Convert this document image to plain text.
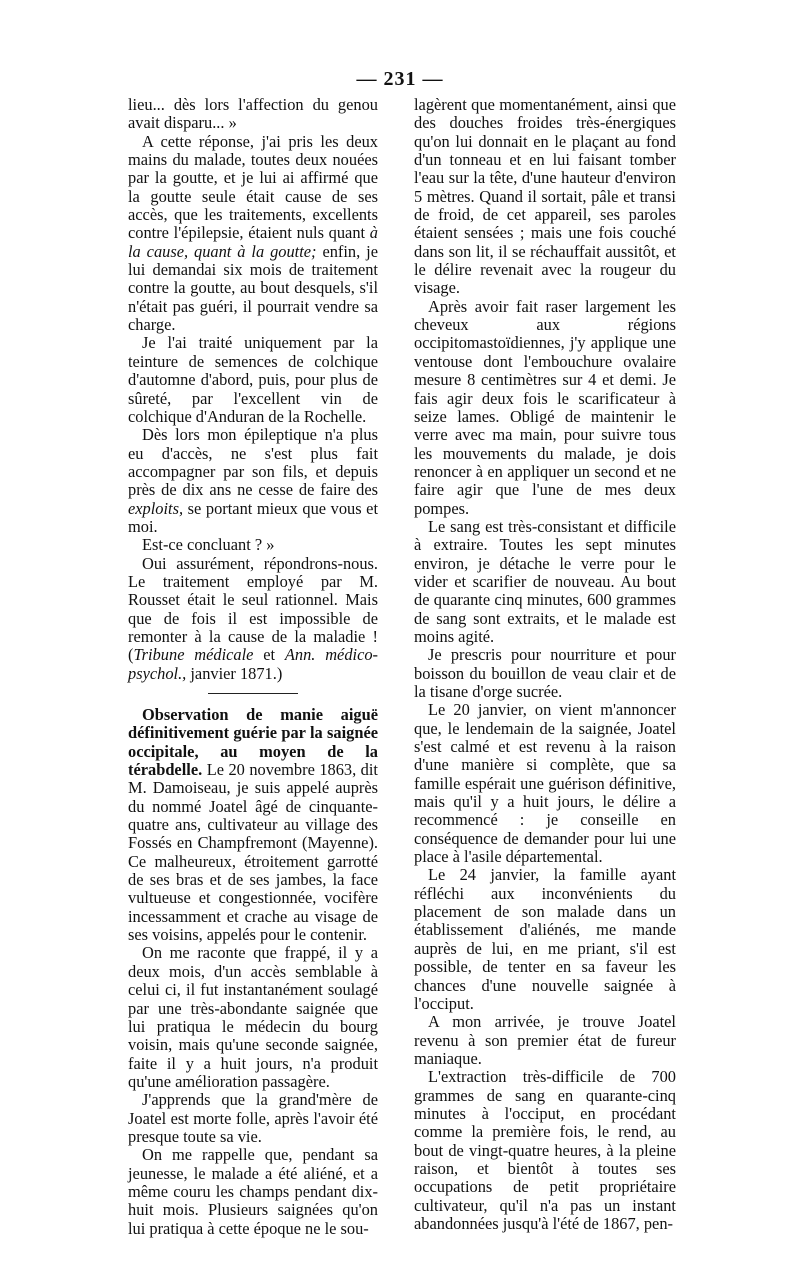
— 231 —

lieu... dès lors l'affection du genou avait disparu... »

A cette réponse, j'ai pris les deux mains du malade, toutes deux nouées par la goutte, et je lui ai affirmé que la goutte seule était cause de ses accès, que les traitements, excellents contre l'épilepsie, étaient nuls quant à la cause, quant à la goutte; enfin, je lui demandai six mois de traitement contre la goutte, au bout desquels, s'il n'était pas guéri, il pourrait vendre sa charge.

Je l'ai traité uniquement par la teinture de semences de colchique d'automne d'abord, puis, pour plus de sûreté, par l'excellent vin de colchique d'Anduran de la Rochelle.

Dès lors mon épileptique n'a plus eu d'accès, ne s'est plus fait accompagner par son fils, et depuis près de dix ans ne cesse de faire des exploits, se portant mieux que vous et moi.

Est-ce concluant ? »

Oui assurément, répondrons-nous. Le traitement employé par M. Rousset était le seul rationnel. Mais que de fois il est impossible de remonter à la cause de la maladie ! (Tribune médicale et Ann. médico-psychol., janvier 1871.)

Observation de manie aiguë définitivement guérie par la saignée occipitale, au moyen de la térabdelle. Le 20 novembre 1863, dit M. Damoiseau, je suis appelé auprès du nommé Joatel âgé de cinquante-quatre ans, cultivateur au village des Fossés en Champfremont (Mayenne). Ce malheureux, étroitement garrotté de ses bras et de ses jambes, la face vultueuse et congestionnée, vocifère incessamment et crache au visage de ses voisins, appelés pour le contenir.

On me raconte que frappé, il y a deux mois, d'un accès semblable à celui ci, il fut instantanément soulagé par une très-abondante saignée que lui pratiqua le médecin du bourg voisin, mais qu'une seconde saignée, faite il y a huit jours, n'a produit qu'une amélioration passagère.

J'apprends que la grand'mère de Joatel est morte folle, après l'avoir été presque toute sa vie.

On me rappelle que, pendant sa jeunesse, le malade a été aliéné, et a même couru les champs pendant dix-huit mois. Plusieurs saignées qu'on lui pratiqua à cette époque ne le sou-

lagèrent que momentanément, ainsi que des douches froides très-énergiques qu'on lui donnait en le plaçant au fond d'un tonneau et en lui faisant tomber l'eau sur la tête, d'une hauteur d'environ 5 mètres. Quand il sortait, pâle et transi de froid, de cet appareil, ses paroles étaient sensées ; mais une fois couché dans son lit, il se réchauffait aussitôt, et le délire revenait avec la rougeur du visage.

Après avoir fait raser largement les cheveux aux régions occipitomastoïdiennes, j'y applique une ventouse dont l'embouchure ovalaire mesure 8 centimètres sur 4 et demi. Je fais agir deux fois le scarificateur à seize lames. Obligé de maintenir le verre avec ma main, pour suivre tous les mouvements du malade, je dois renoncer à en appliquer un second et ne faire agir que l'une de mes deux pompes.

Le sang est très-consistant et difficile à extraire. Toutes les sept minutes environ, je détache le verre pour le vider et scarifier de nouveau. Au bout de quarante cinq minutes, 600 grammes de sang sont extraits, et le malade est moins agité.

Je prescris pour nourriture et pour boisson du bouillon de veau clair et de la tisane d'orge sucrée.

Le 20 janvier, on vient m'annoncer que, le lendemain de la saignée, Joatel s'est calmé et est revenu à la raison d'une manière si complète, que sa famille espérait une guérison définitive, mais qu'il y a huit jours, le délire a recommencé : je conseille en conséquence de demander pour lui une place à l'asile départemental.

Le 24 janvier, la famille ayant réfléchi aux inconvénients du placement de son malade dans un établissement d'aliénés, me mande auprès de lui, en me priant, s'il est possible, de tenter en sa faveur les chances d'une nouvelle saignée à l'occiput.

A mon arrivée, je trouve Joatel revenu à son premier état de fureur maniaque.

L'extraction très-difficile de 700 grammes de sang en quarante-cinq minutes à l'occiput, en procédant comme la première fois, le rend, au bout de vingt-quatre heures, à la pleine raison, et bientôt à toutes ses occupations de petit propriétaire cultivateur, qu'il n'a pas un instant abandonnées jusqu'à l'été de 1867, pen-
